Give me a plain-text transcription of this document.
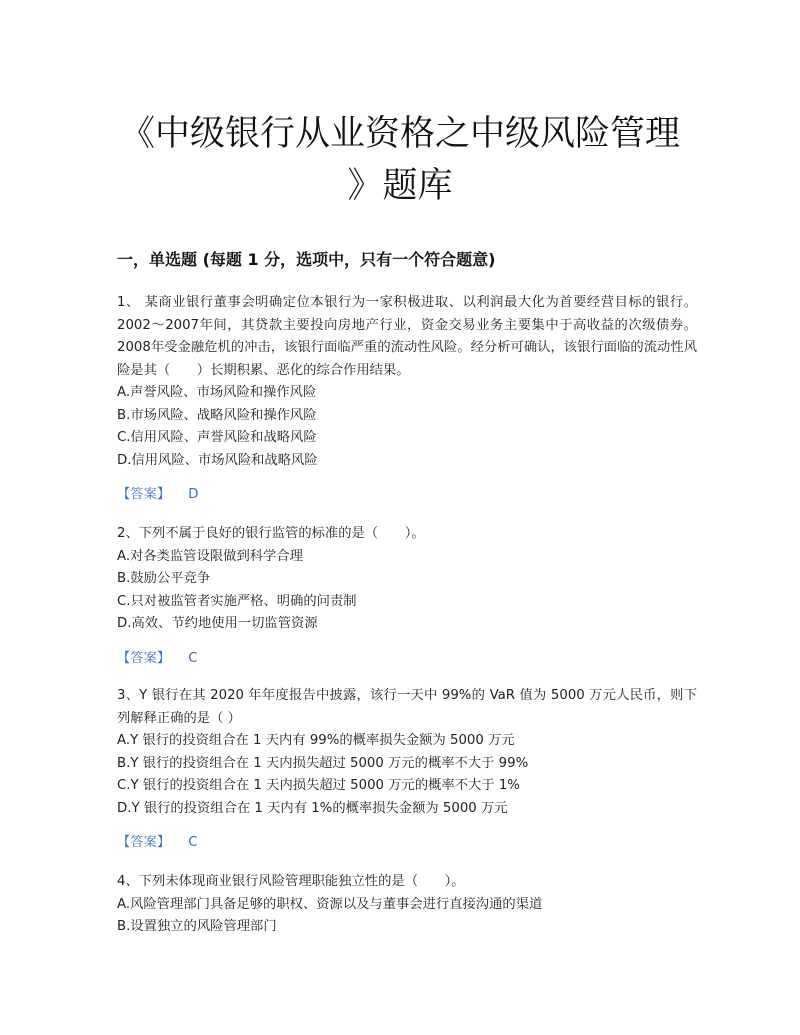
《中级银行从业资格之中级风险管理
》题库
一，单选题 (每题 1 分，选项中，只有一个符合题意)

1、 某商业银行董事会明确定位本银行为一家积极进取、以利润最大化为首要经营目标的银行。2002～2007年间，其贷款主要投向房地产行业，资金交易业务主要集中于高收益的次级债券。2008年受金融危机的冲击，该银行面临严重的流动性风险。经分析可确认，该银行面临的流动性风险是其（　　）长期积累、恶化的综合作用结果。

A.声誉风险、市场风险和操作风险

B.市场风险、战略风险和操作风险

C.信用风险、声誉风险和战略风险

D.信用风险、市场风险和战略风险

【答案】 D

2、下列不属于良好的银行监管的标准的是（　　）。

A.对各类监管设限做到科学合理

B.鼓励公平竞争

C.只对被监管者实施严格、明确的问责制

D.高效、节约地使用一切监管资源

【答案】 C

3、Y 银行在其 2020 年年度报告中披露，该行一天中 99%的 VaR 值为 5000 万元人民币，则下列解释正确的是（ ）

A.Y 银行的投资组合在 1 天内有 99%的概率损失金额为 5000 万元

B.Y 银行的投资组合在 1 天内损失超过 5000 万元的概率不大于 99%

C.Y 银行的投资组合在 1 天内损失超过 5000 万元的概率不大于 1%

D.Y 银行的投资组合在 1 天内有 1%的概率损失金额为 5000 万元

【答案】 C

4、下列未体现商业银行风险管理职能独立性的是（　　）。

A.风险管理部门具备足够的职权、资源以及与董事会进行直接沟通的渠道

B.设置独立的风险管理部门
